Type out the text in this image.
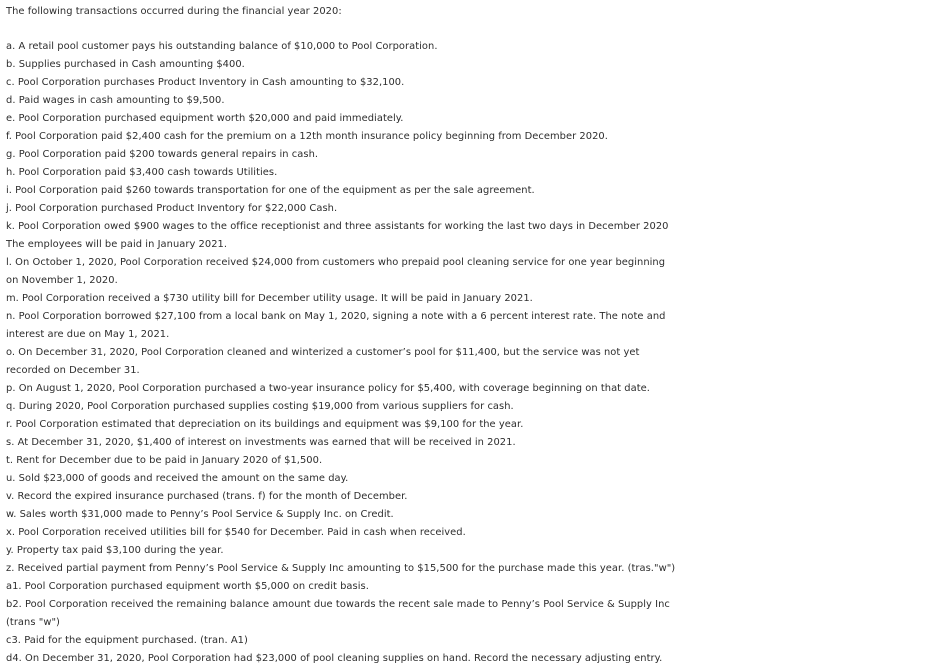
The following transactions occurred during the financial year 2020:

a. A retail pool customer pays his outstanding balance of $10,000 to Pool Corporation.

b. Supplies purchased in Cash amounting $400.

c. Pool Corporation purchases Product Inventory in Cash amounting to $32,100.

d. Paid wages in cash amounting to $9,500.

e. Pool Corporation purchased equipment worth $20,000 and paid immediately.

f. Pool Corporation paid $2,400 cash for the premium on a 12th month insurance policy beginning from December 2020.

g. Pool Corporation paid $200 towards general repairs in cash.

h. Pool Corporation paid $3,400 cash towards Utilities.

i. Pool Corporation paid $260 towards transportation for one of the equipment as per the sale agreement.

j. Pool Corporation purchased Product Inventory for $22,000 Cash.

k. Pool Corporation owed $900 wages to the office receptionist and three assistants for working the last two days in December 2020

The employees will be paid in January 2021.

l. On October 1, 2020, Pool Corporation received $24,000 from customers who prepaid pool cleaning service for one year beginning

on November 1, 2020.

m. Pool Corporation received a $730 utility bill for December utility usage. It will be paid in January 2021.

n. Pool Corporation borrowed $27,100 from a local bank on May 1, 2020, signing a note with a 6 percent interest rate. The note and

interest are due on May 1, 2021.

o. On December 31, 2020, Pool Corporation cleaned and winterized a customer’s pool for $11,400, but the service was not yet

recorded on December 31.

p. On August 1, 2020, Pool Corporation purchased a two-year insurance policy for $5,400, with coverage beginning on that date.

q. During 2020, Pool Corporation purchased supplies costing $19,000 from various suppliers for cash.

r. Pool Corporation estimated that depreciation on its buildings and equipment was $9,100 for the year.

s. At December 31, 2020, $1,400 of interest on investments was earned that will be received in 2021.

t. Rent for December due to be paid in January 2020 of $1,500.

u. Sold $23,000 of goods and received the amount on the same day.

v. Record the expired insurance purchased (trans. f) for the month of December.

w. Sales worth $31,000 made to Penny’s Pool Service & Supply Inc. on Credit.

x. Pool Corporation received utilities bill for $540 for December. Paid in cash when received.

y. Property tax paid $3,100 during the year.

z. Received partial payment from Penny’s Pool Service & Supply Inc amounting to $15,500 for the purchase made this year. (tras."w")

a1. Pool Corporation purchased equipment worth $5,000 on credit basis.

b2. Pool Corporation received the remaining balance amount due towards the recent sale made to Penny’s Pool Service & Supply Inc

(trans "w")

c3. Paid for the equipment purchased. (tran. A1)

d4. On December 31, 2020, Pool Corporation had $23,000 of pool cleaning supplies on hand. Record the necessary adjusting entry.
